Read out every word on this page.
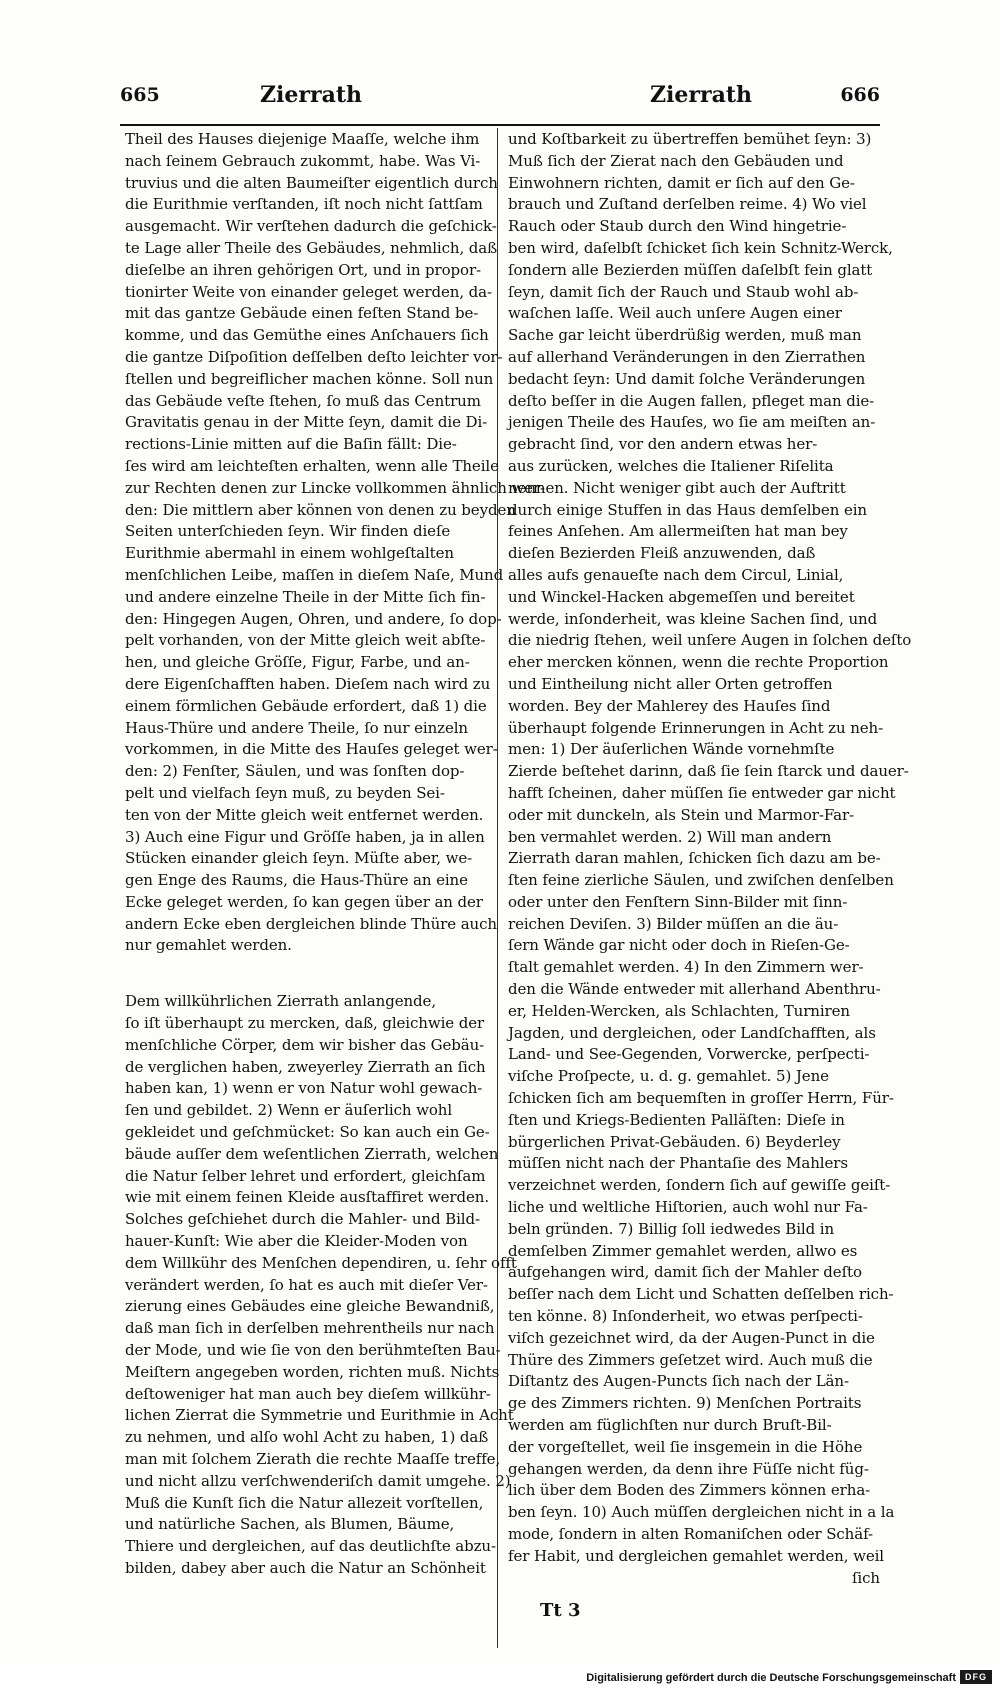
665	Zierrath	Zierrath	666
Theil des Hauses diejenige Maaſſe, welche ihm
nach ſeinem Gebrauch zukommt, habe. Was Vi-
truvius und die alten Baumeiſter eigentlich durch
die Eurithmie verſtanden, iſt noch nicht ſattſam
ausgemacht. Wir verſtehen dadurch die geſchick-
te Lage aller Theile des Gebäudes, nehmlich, daß
dieſelbe an ihren gehörigen Ort, und in propor-
tionirter Weite von einander geleget werden, da-
mit das gantze Gebäude einen feſten Stand be-
komme, und das Gemüthe eines Anſchauers ſich
die gantze Diſpoſition deſſelben deſto leichter vor-
ſtellen und begreiflicher machen könne. Soll nun
das Gebäude veſte ſtehen, ſo muß das Centrum
Gravitatis genau in der Mitte ſeyn, damit die Di-
rections-Linie mitten auf die Baſin fällt: Die-
ſes wird am leichteſten erhalten, wenn alle Theile
zur Rechten denen zur Lincke vollkommen ähnlich wer-
den: Die mittlern aber können von denen zu beyden
Seiten unterſchieden ſeyn. Wir finden dieſe
Eurithmie abermahl in einem wohlgeſtalten
menſchlichen Leibe, maſſen in dieſem Naſe, Mund
und andere einzelne Theile in der Mitte ſich fin-
den: Hingegen Augen, Ohren, und andere, ſo dop-
pelt vorhanden, von der Mitte gleich weit abſte-
hen, und gleiche Gröſſe, Figur, Farbe, und an-
dere Eigenſchafften haben. Dieſem nach wird zu
einem förmlichen Gebäude erfordert, daß 1) die
Haus-Thüre und andere Theile, ſo nur einzeln
vorkommen, in die Mitte des Hauſes geleget wer-
den: 2) Fenſter, Säulen, und was ſonſten dop-
pelt und vielfach ſeyn muß, zu beyden Sei-
ten von der Mitte gleich weit entfernet werden.
3) Auch eine Figur und Gröſſe haben, ja in allen
Stücken einander gleich ſeyn. Müſte aber, we-
gen Enge des Raums, die Haus-Thüre an eine
Ecke geleget werden, ſo kan gegen über an der
andern Ecke eben dergleichen blinde Thüre auch
nur gemahlet werden.
Dem willkührlichen Zierrath anlangende,
ſo iſt überhaupt zu mercken, daß, gleichwie der
menſchliche Cörper, dem wir bisher das Gebäu-
de verglichen haben, zweyerley Zierrath an ſich
haben kan, 1) wenn er von Natur wohl gewach-
ſen und gebildet. 2) Wenn er äuſerlich wohl
gekleidet und geſchmücket: So kan auch ein Ge-
bäude auſſer dem weſentlichen Zierrath, welchen
die Natur ſelber lehret und erfordert, gleichſam
wie mit einem feinen Kleide ausſtaffiret werden.
Solches geſchiehet durch die Mahler- und Bild-
hauer-Kunſt: Wie aber die Kleider-Moden von
dem Willkühr des Menſchen dependiren, u. ſehr offt
verändert werden, ſo hat es auch mit dieſer Ver-
zierung eines Gebäudes eine gleiche Bewandniß,
daß man ſich in derſelben mehrentheils nur nach
der Mode, und wie ſie von den berühmteſten Bau-
Meiſtern angegeben worden, richten muß. Nichts
deſtoweniger hat man auch bey dieſem willkühr-
lichen Zierrat die Symmetrie und Eurithmie in Acht
zu nehmen, und alſo wohl Acht zu haben, 1) daß
man mit ſolchem Zierath die rechte Maaſſe treffe,
und nicht allzu verſchwenderiſch damit umgehe. 2)
Muß die Kunſt ſich die Natur allezeit vorſtellen,
und natürliche Sachen, als Blumen, Bäume,
Thiere und dergleichen, auf das deutlichſte abzu-
bilden, dabey aber auch die Natur an Schönheit
und Koſtbarkeit zu übertreffen bemühet ſeyn: 3)
Muß ſich der Zierat nach den Gebäuden und
Einwohnern richten, damit er ſich auf den Ge-
brauch und Zuſtand derſelben reime. 4) Wo viel
Rauch oder Staub durch den Wind hingetrie-
ben wird, daſelbſt ſchicket ſich kein Schnitz-Werck,
ſondern alle Bezierden müſſen daſelbſt fein glatt
ſeyn, damit ſich der Rauch und Staub wohl ab-
waſchen laſſe. Weil auch unſere Augen einer
Sache gar leicht überdrüßig werden, muß man
auf allerhand Veränderungen in den Zierrathen
bedacht ſeyn: Und damit ſolche Veränderungen
deſto beſſer in die Augen fallen, pfleget man die-
jenigen Theile des Hauſes, wo ſie am meiſten an-
gebracht ſind, vor den andern etwas her-
aus zurücken, welches die Italiener Riſelita
nennen. Nicht weniger gibt auch der Auftritt
durch einige Stuffen in das Haus demſelben ein
feines Anſehen. Am allermeiſten hat man bey
dieſen Bezierden Fleiß anzuwenden, daß
alles aufs genaueſte nach dem Circul, Linial,
und Winckel-Hacken abgemeſſen und bereitet
werde, inſonderheit, was kleine Sachen ſind, und
die niedrig ſtehen, weil unſere Augen in ſolchen deſto
eher mercken können, wenn die rechte Proportion
und Eintheilung nicht aller Orten getroffen
worden. Bey der Mahlerey des Hauſes ſind
überhaupt folgende Erinnerungen in Acht zu neh-
men: 1) Der äuſerlichen Wände vornehmſte
Zierde beſtehet darinn, daß ſie ſein ſtarck und dauer-
hafft ſcheinen, daher müſſen ſie entweder gar nicht
oder mit dunckeln, als Stein und Marmor-Far-
ben vermahlet werden. 2) Will man andern
Zierrath daran mahlen, ſchicken ſich dazu am be-
ſten feine zierliche Säulen, und zwiſchen denſelben
oder unter den Fenſtern Sinn-Bilder mit ſinn-
reichen Deviſen. 3) Bilder müſſen an die äu-
ſern Wände gar nicht oder doch in Rieſen-Ge-
ſtalt gemahlet werden. 4) In den Zimmern wer-
den die Wände entweder mit allerhand Abenthru-
er, Helden-Wercken, als Schlachten, Turniren
Jagden, und dergleichen, oder Landſchafften, als
Land- und See-Gegenden, Vorwercke, perſpecti-
viſche Proſpecte, u. d. g. gemahlet. 5) Jene
ſchicken ſich am bequemſten in groſſer Herrn, Für-
ſten und Kriegs-Bedienten Palläſten: Dieſe in
bürgerlichen Privat-Gebäuden. 6) Beyderley
müſſen nicht nach der Phantaſie des Mahlers
verzeichnet werden, ſondern ſich auf gewiſſe geiſt-
liche und weltliche Hiſtorien, auch wohl nur Fa-
beln gründen. 7) Billig ſoll iedwedes Bild in
demſelben Zimmer gemahlet werden, allwo es
aufgehangen wird, damit ſich der Mahler deſto
beſſer nach dem Licht und Schatten deſſelben rich-
ten könne. 8) Inſonderheit, wo etwas perſpecti-
viſch gezeichnet wird, da der Augen-Punct in die
Thüre des Zimmers geſetzet wird. Auch muß die
Diſtantz des Augen-Puncts ſich nach der Län-
ge des Zimmers richten. 9) Menſchen Portraits
werden am füglichſten nur durch Bruſt-Bil-
der vorgeſtellet, weil ſie insgemein in die Höhe
gehangen werden, da denn ihre Füſſe nicht füg-
lich über dem Boden des Zimmers können erha-
ben ſeyn. 10) Auch müſſen dergleichen nicht in a la
mode, ſondern in alten Romaniſchen oder Schäf-
fer Habit, und dergleichen gemahlet werden, weil
ſich
Tt 3
Digitalisierung gefördert durch die Deutsche Forschungsgemeinschaft	DFG
